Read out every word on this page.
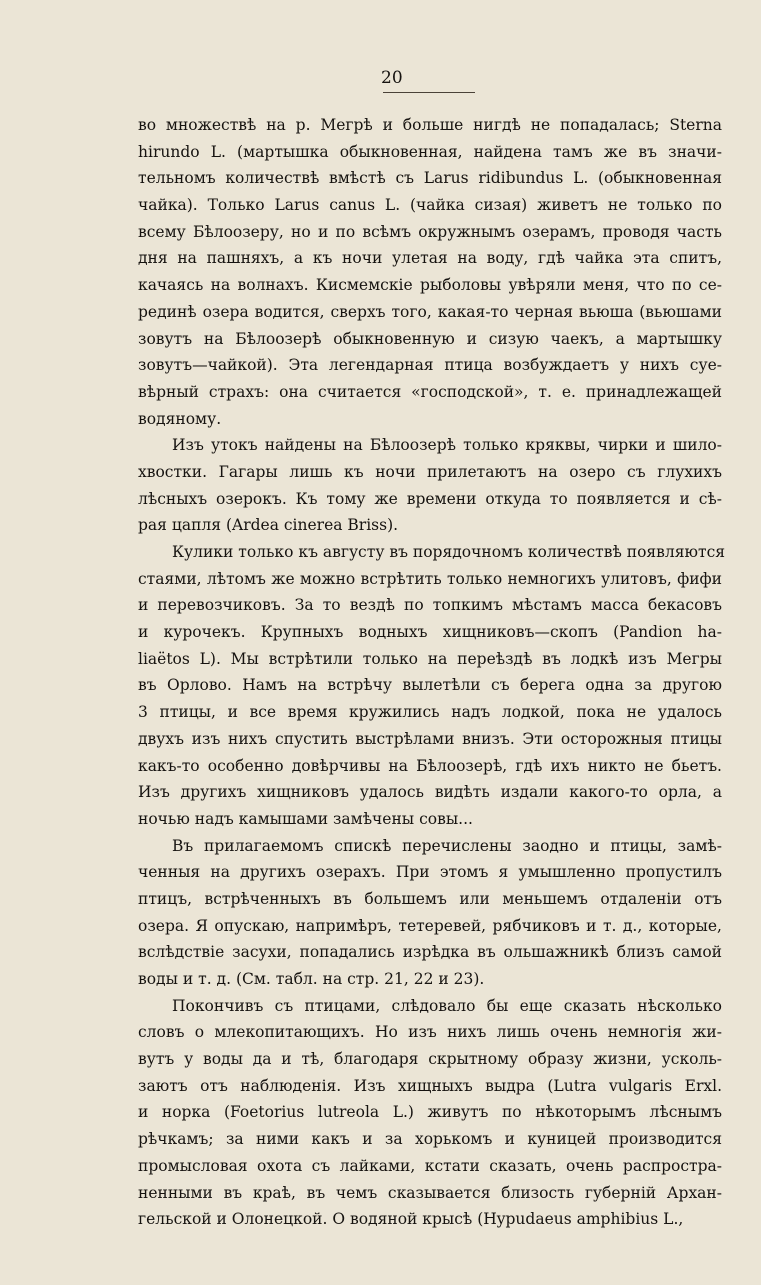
20
во множествѣ на р. Мегрѣ и больше нигдѣ не попадалась; Sterna
hirundo L. (мартышка обыкновенная, найдена тамъ же въ значи-
тельномъ количествѣ вмѣстѣ съ Larus ridibundus L. (обыкновенная
чайка). Только Larus canus L. (чайка сизая) живетъ не только по
всему Бѣлоозеру, но и по всѣмъ окружнымъ озерамъ, проводя часть
дня на пашняхъ, а къ ночи улетая на воду, гдѣ чайка эта спитъ,
качаясь на волнахъ. Кисмемскіе рыболовы увѣряли меня, что по се-
рединѣ озера водится, сверхъ того, какая-то черная вьюша (вьюшами
зовутъ на Бѣлоозерѣ обыкновенную и сизую чаекъ, а мартышку
зовутъ—чайкой). Эта легендарная птица возбуждаетъ у нихъ суе-
вѣрный страхъ: она считается «господской», т. е. принадлежащей
водяному.
Изъ утокъ найдены на Бѣлоозерѣ только кряквы, чирки и шило-
хвостки. Гагары лишь къ ночи прилетаютъ на озеро съ глухихъ
лѣсныхъ озерокъ. Къ тому же времени откуда то появляется и сѣ-
рая цапля (Ardea cinerea Briss).
Кулики только къ августу въ порядочномъ количествѣ появляются
стаями, лѣтомъ же можно встрѣтить только немногихъ улитовъ, фифи
и перевозчиковъ. За то вездѣ по топкимъ мѣстамъ масса бекасовъ
и курочекъ. Крупныхъ водныхъ хищниковъ—скопъ (Pandion ha-
liaëtos L). Мы встрѣтили только на переѣздѣ въ лодкѣ изъ Мегры
въ Орлово. Намъ на встрѣчу вылетѣли съ берега одна за другою
3 птицы, и все время кружились надъ лодкой, пока не удалось
двухъ изъ нихъ спустить выстрѣлами внизъ. Эти осторожныя птицы
какъ-то особенно довѣрчивы на Бѣлоозерѣ, гдѣ ихъ никто не бьетъ.
Изъ другихъ хищниковъ удалось видѣть издали какого-то орла, а
ночью надъ камышами замѣчены совы...
Въ прилагаемомъ спискѣ перечислены заодно и птицы, замѣ-
ченныя на другихъ озерахъ. При этомъ я умышленно пропустилъ
птицъ, встрѣченныхъ въ большемъ или меньшемъ отдаленіи отъ
озера. Я опускаю, напримѣръ, тетеревей, рябчиковъ и т. д., которые,
вслѣдствіе засухи, попадались изрѣдка въ ольшажникѣ близъ самой
воды и т. д. (См. табл. на стр. 21, 22 и 23).
Покончивъ съ птицами, слѣдовало бы еще сказать нѣсколько
словъ о млекопитающихъ. Но изъ нихъ лишь очень немногія жи-
вутъ у воды да и тѣ, благодаря скрытному образу жизни, усколь-
заютъ отъ наблюденія. Изъ хищныхъ выдра (Lutra vulgaris Erxl.
и норка (Foetorius lutreola L.) живутъ по нѣкоторымъ лѣснымъ
рѣчкамъ; за ними какъ и за хорькомъ и куницей производится
промысловая охота съ лайками, кстати сказать, очень распростра-
ненными въ краѣ, въ чемъ сказывается близость губерній Архан-
гельской и Олонецкой. О водяной крысѣ (Hypudaeus amphibius L.,
